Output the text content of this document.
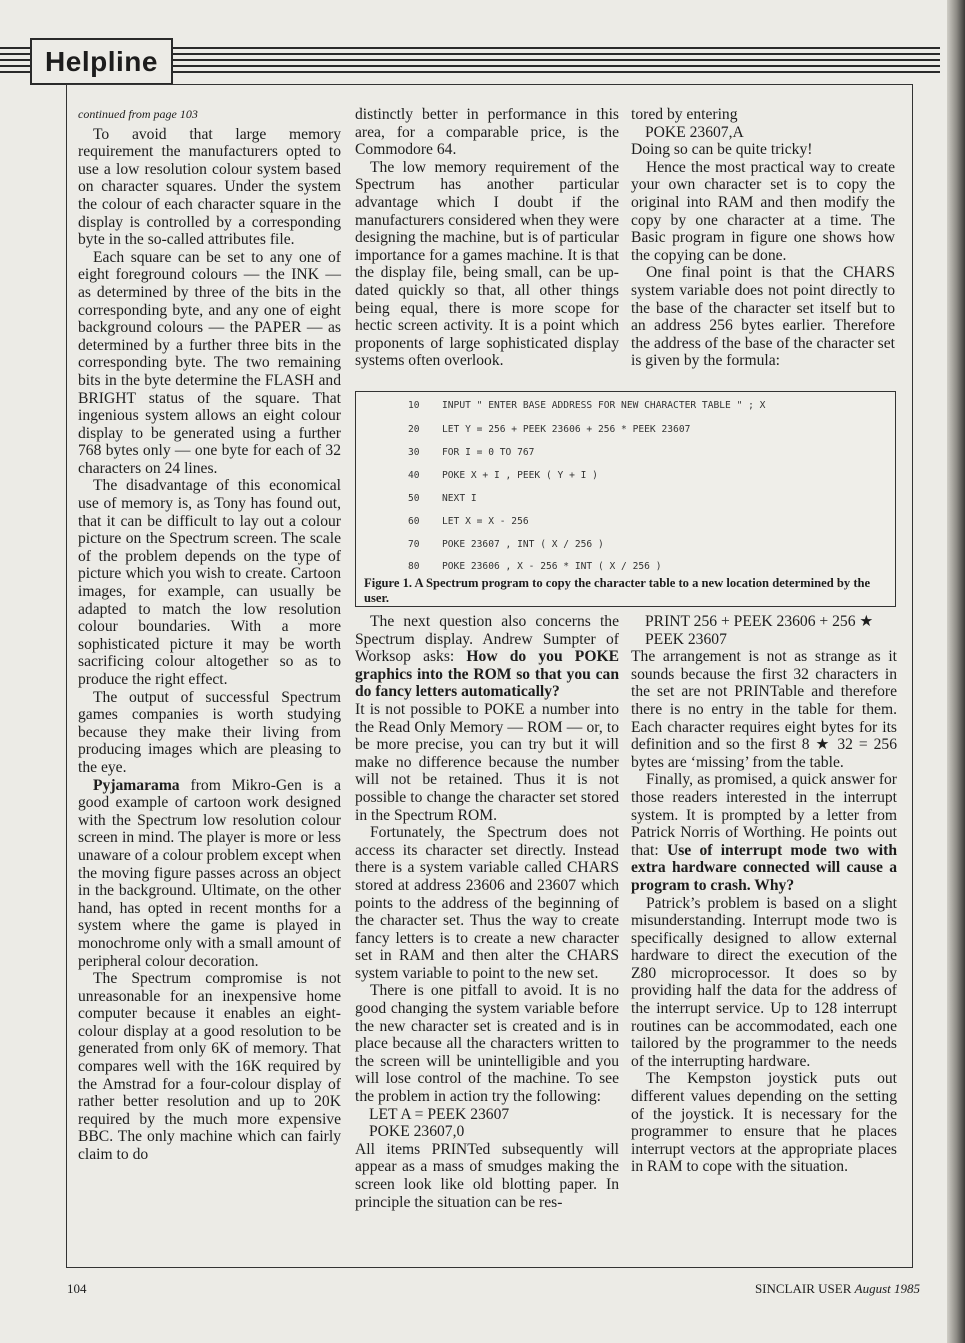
Helpline

continued from page 103

To avoid that large memory requirement the manufacturers opted to use a low resolution colour system based on character squares. Under the system the colour of each character square in the display is controlled by a corresponding byte in the so-called attributes file.

Each square can be set to any one of eight foreground colours — the INK — as determined by three of the bits in the corresponding byte, and any one of eight background colours — the PAPER — as determined by a further three bits in the corresponding byte. The two remaining bits in the byte determine the FLASH and BRIGHT status of the square. That ingenious system allows an eight colour display to be generated using a further 768 bytes only — one byte for each of 32 characters on 24 lines.

The disadvantage of this economical use of memory is, as Tony has found out, that it can be difficult to lay out a colour picture on the Spectrum screen. The scale of the problem depends on the type of picture which you wish to create. Cartoon images, for example, can usually be adapted to match the low resolution colour boundaries. With a more sophisticated picture it may be worth sacrificing colour altogether so as to produce the right effect.

The output of successful Spectrum games companies is worth studying because they make their living from producing images which are pleasing to the eye.

Pyjamarama from Mikro-Gen is a good example of cartoon work designed with the Spectrum low resolution colour screen in mind. The player is more or less unaware of a colour problem except when the moving figure passes across an object in the background. Ultimate, on the other hand, has opted in recent months for a system where the game is played in monochrome only with a small amount of peripheral colour decoration.

The Spectrum compromise is not unreasonable for an inexpensive home computer because it enables an eight-colour display at a good resolution to be generated from only 6K of memory. That compares well with the 16K required by the Amstrad for a four-colour display of rather better resolution and up to 20K required by the much more expensive BBC. The only machine which can fairly claim to do

distinctly better in performance in this area, for a comparable price, is the Commodore 64.

The low memory requirement of the Spectrum has another particular advantage which I doubt if the manufacturers considered when they were designing the machine, but is of particular importance for a games machine. It is that the display file, being small, can be up-dated quickly so that, all other things being equal, there is more scope for hectic screen activity. It is a point which proponents of large sophisticated display systems often overlook.

tored by entering

POKE 23607,A

Doing so can be quite tricky!

Hence the most practical way to create your own character set is to copy the original into RAM and then modify the copy by one character at a time. The Basic program in figure one shows how the copying can be done.

One final point is that the CHARS system variable does not point directly to the base of the character set itself but to an address 256 bytes earlier. Therefore the address of the base of the character set is given by the formula:

10 INPUT " ENTER BASE ADDRESS FOR NEW CHARACTER TABLE " ; X
20 LET Y = 256 + PEEK 23606 + 256 * PEEK 23607
30 FOR I = 0 TO 767
40 POKE X + I , PEEK ( Y + I )
50 NEXT I
60 LET X = X - 256
70 POKE 23607 , INT ( X / 256 )
80 POKE 23606 , X - 256 * INT ( X / 256 )
Figure 1. A Spectrum program to copy the character table to a new location determined by the user.

The next question also concerns the Spectrum display. Andrew Sumpter of Worksop asks: How do you POKE graphics into the ROM so that you can do fancy letters automatically?

It is not possible to POKE a number into the Read Only Memory — ROM — or, to be more precise, you can try but it will make no difference because the number will not be retained. Thus it is not possible to change the character set stored in the Spectrum ROM.

Fortunately, the Spectrum does not access its character set directly. Instead there is a system variable called CHARS stored at address 23606 and 23607 which points to the address of the beginning of the character set. Thus the way to create fancy letters is to create a new character set in RAM and then alter the CHARS system variable to point to the new set.

There is one pitfall to avoid. It is no good changing the system variable before the new character set is created and is in place because all the characters written to the screen will be unintelligible and you will lose control of the machine. To see the problem in action try the following:

LET A = PEEK 23607

POKE 23607,0

All items PRINTed subsequently will appear as a mass of smudges making the screen look like old blotting paper. In principle the situation can be res-

PRINT 256 + PEEK 23606 + 256 ★ PEEK 23607

The arrangement is not as strange as it sounds because the first 32 characters in the set are not PRINTable and therefore there is no entry in the table for them. Each character requires eight bytes for its definition and so the first 8 ★ 32 = 256 bytes are ‘missing’ from the table.

Finally, as promised, a quick answer for those readers interested in the interrupt system. It is prompted by a letter from Patrick Norris of Worthing. He points out that: Use of interrupt mode two with extra hardware connected will cause a program to crash. Why?

Patrick’s problem is based on a slight misunderstanding. Interrupt mode two is specifically designed to allow external hardware to direct the execution of the Z80 microprocessor. It does so by providing half the data for the address of the interrupt service. Up to 128 interrupt routines can be accommodated, each one tailored by the programmer to the needs of the interrupting hardware.

The Kempston joystick puts out different values depending on the setting of the joystick. It is necessary for the programmer to ensure that he places interrupt vectors at the appropriate places in RAM to cope with the situation.

104	SINCLAIR USER August 1985
